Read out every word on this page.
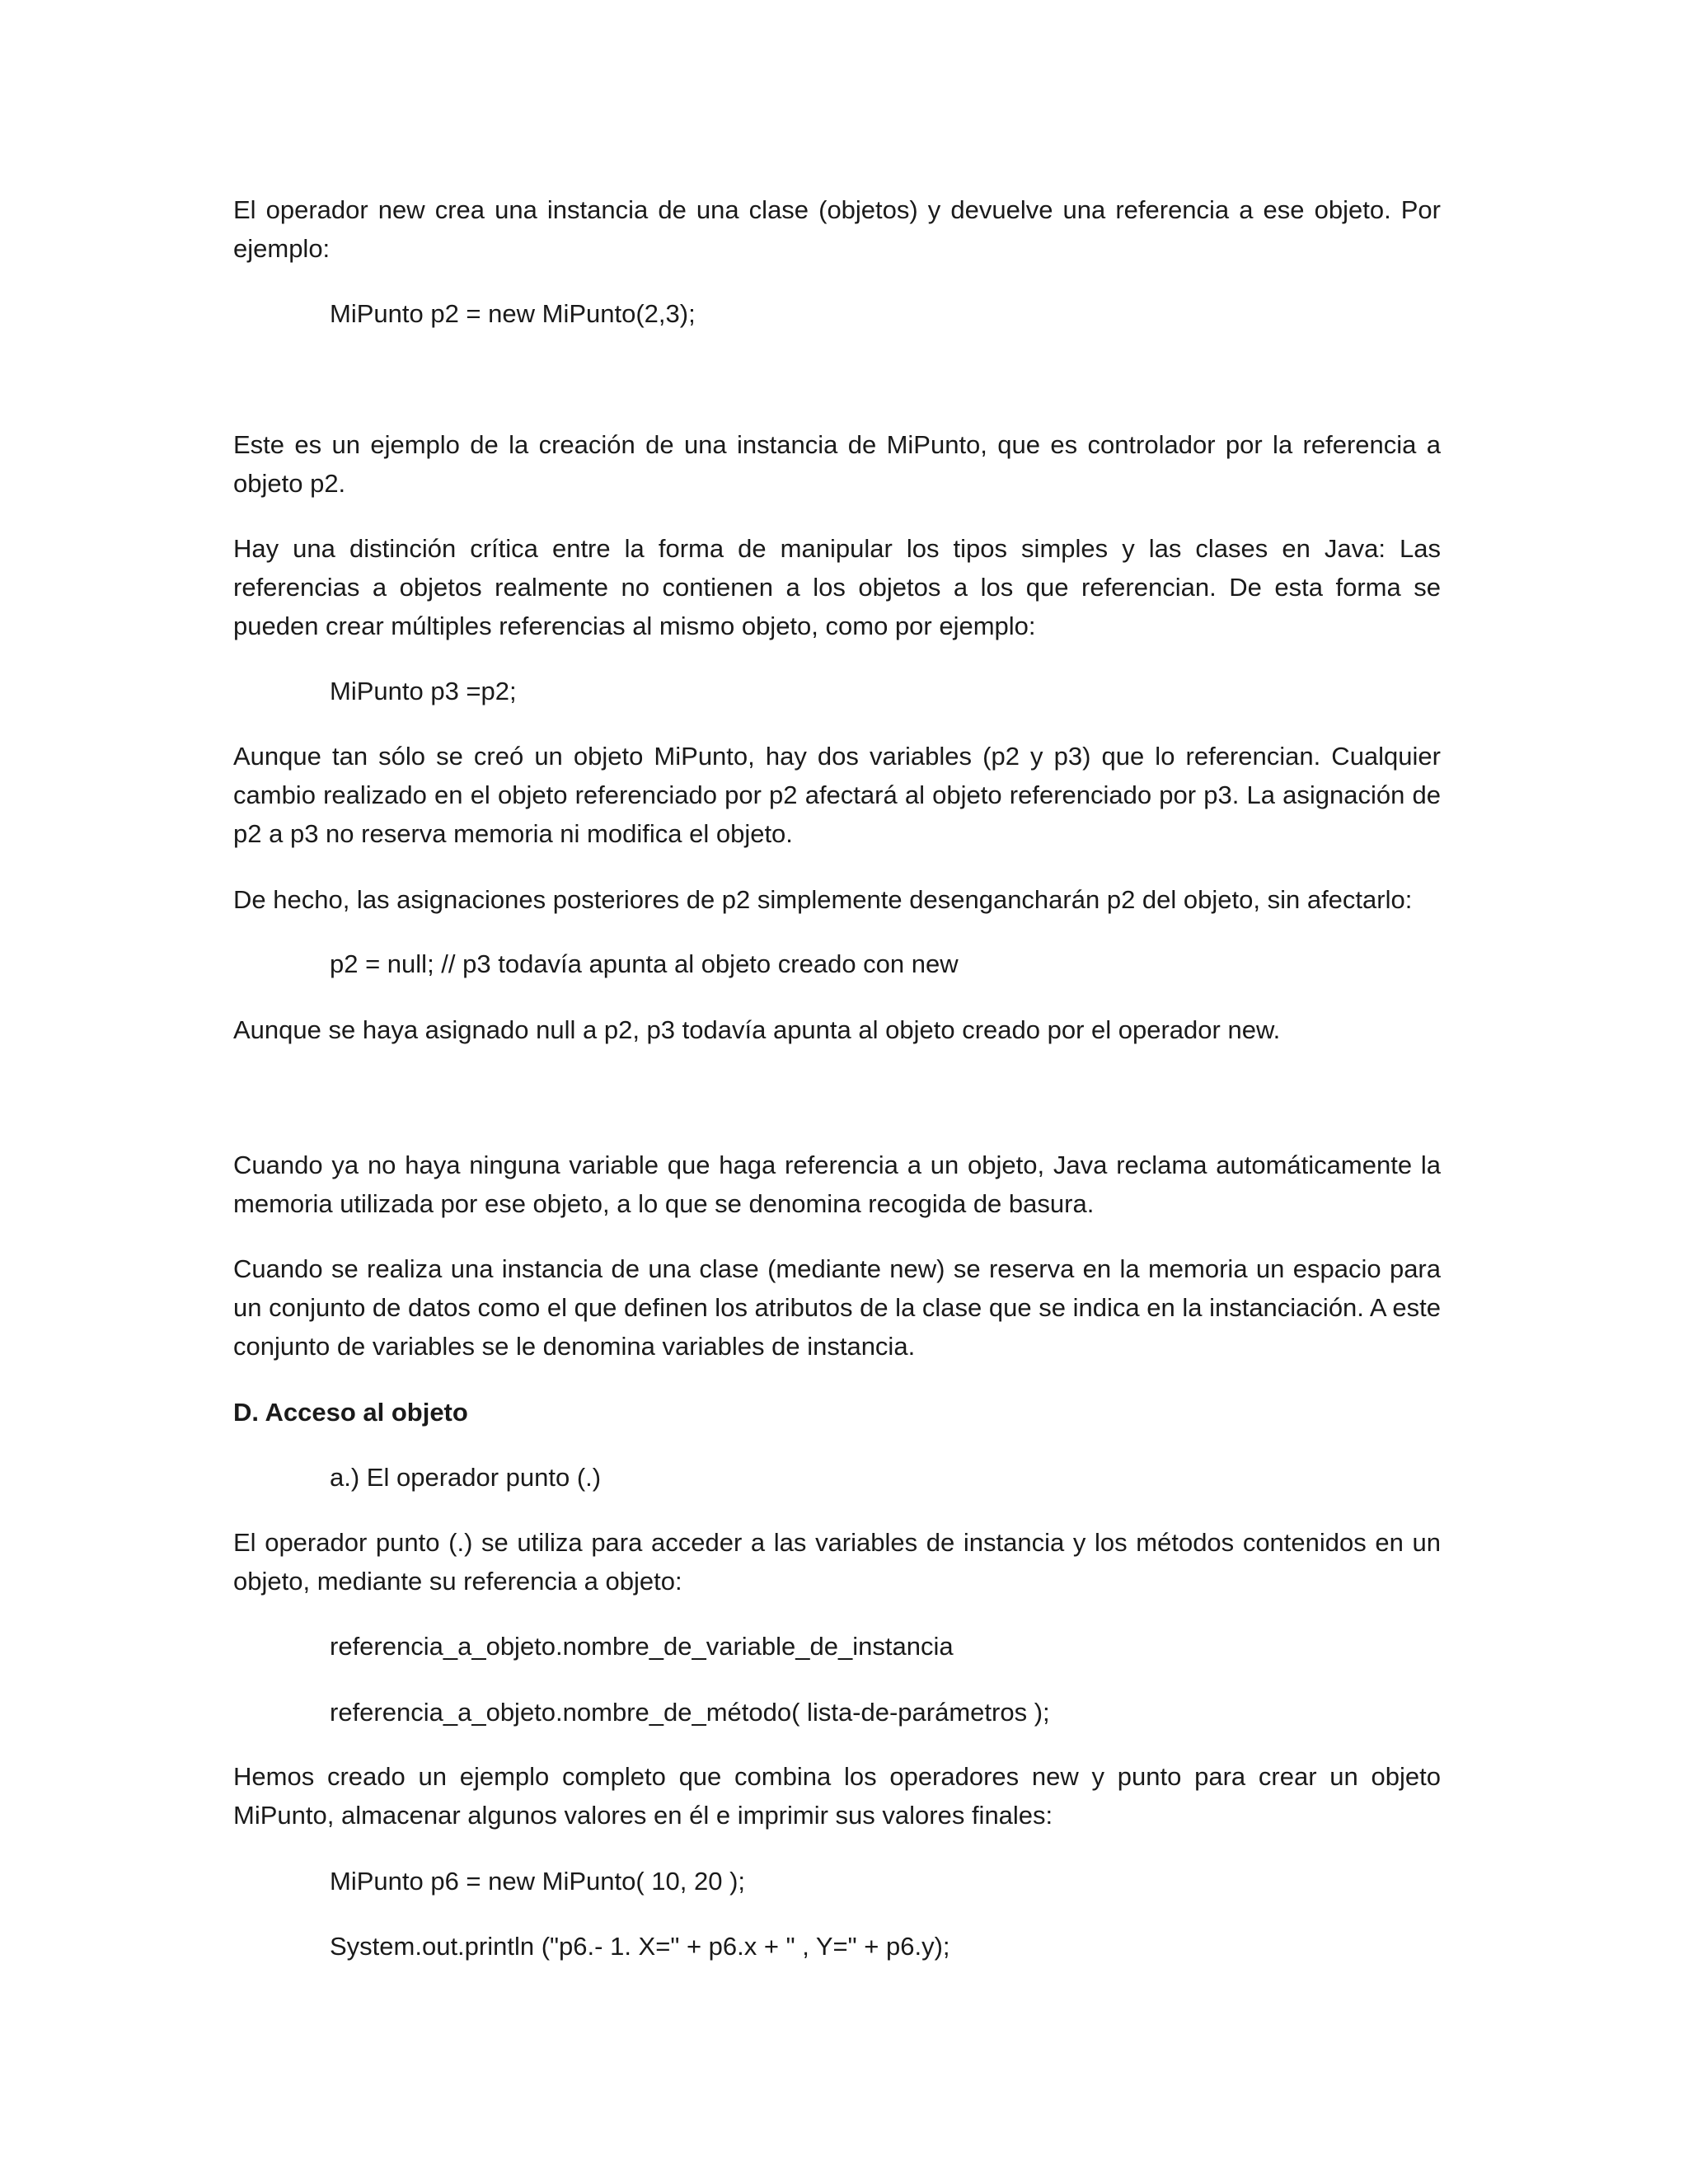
El operador new crea una instancia de una clase (objetos) y devuelve una referencia a ese objeto. Por ejemplo:

MiPunto p2 = new MiPunto(2,3);

Este es un ejemplo de la creación de una instancia de MiPunto, que es controlador por la referencia a objeto p2.

Hay una distinción crítica entre la forma de manipular los tipos simples y las clases en Java: Las referencias a objetos realmente no contienen a los objetos a los que referencian. De esta forma se pueden crear múltiples referencias al mismo objeto, como por ejemplo:

MiPunto p3 =p2;

Aunque tan sólo se creó un objeto MiPunto, hay dos variables (p2 y p3) que lo referencian. Cualquier cambio realizado en el objeto referenciado por p2 afectará al objeto referenciado por p3. La asignación de p2 a p3 no reserva memoria ni modifica el objeto.

De hecho, las asignaciones posteriores de p2 simplemente desengancharán p2 del objeto, sin afectarlo:

p2 = null; // p3 todavía apunta al objeto creado con new

Aunque se haya asignado null a p2, p3 todavía apunta al objeto creado por el operador new.

Cuando ya no haya ninguna variable que haga referencia a un objeto, Java reclama automáticamente la memoria utilizada por ese objeto, a lo que se denomina recogida de basura.

Cuando se realiza una instancia de una clase (mediante new) se reserva en la memoria un espacio para un conjunto de datos como el que definen los atributos de la clase que se indica en la instanciación. A este conjunto de variables se le denomina variables de instancia.

D. Acceso al objeto

a.) El operador punto (.)

El operador punto (.) se utiliza para acceder a las variables de instancia y los métodos contenidos en un objeto, mediante su referencia a objeto:

referencia_a_objeto.nombre_de_variable_de_instancia

referencia_a_objeto.nombre_de_método( lista-de-parámetros );

Hemos creado un ejemplo completo que combina los operadores new y punto para crear un objeto MiPunto, almacenar algunos valores en él e imprimir sus valores finales:

MiPunto p6 = new MiPunto( 10, 20 );

System.out.println ("p6.- 1. X=" + p6.x + " , Y=" + p6.y);
